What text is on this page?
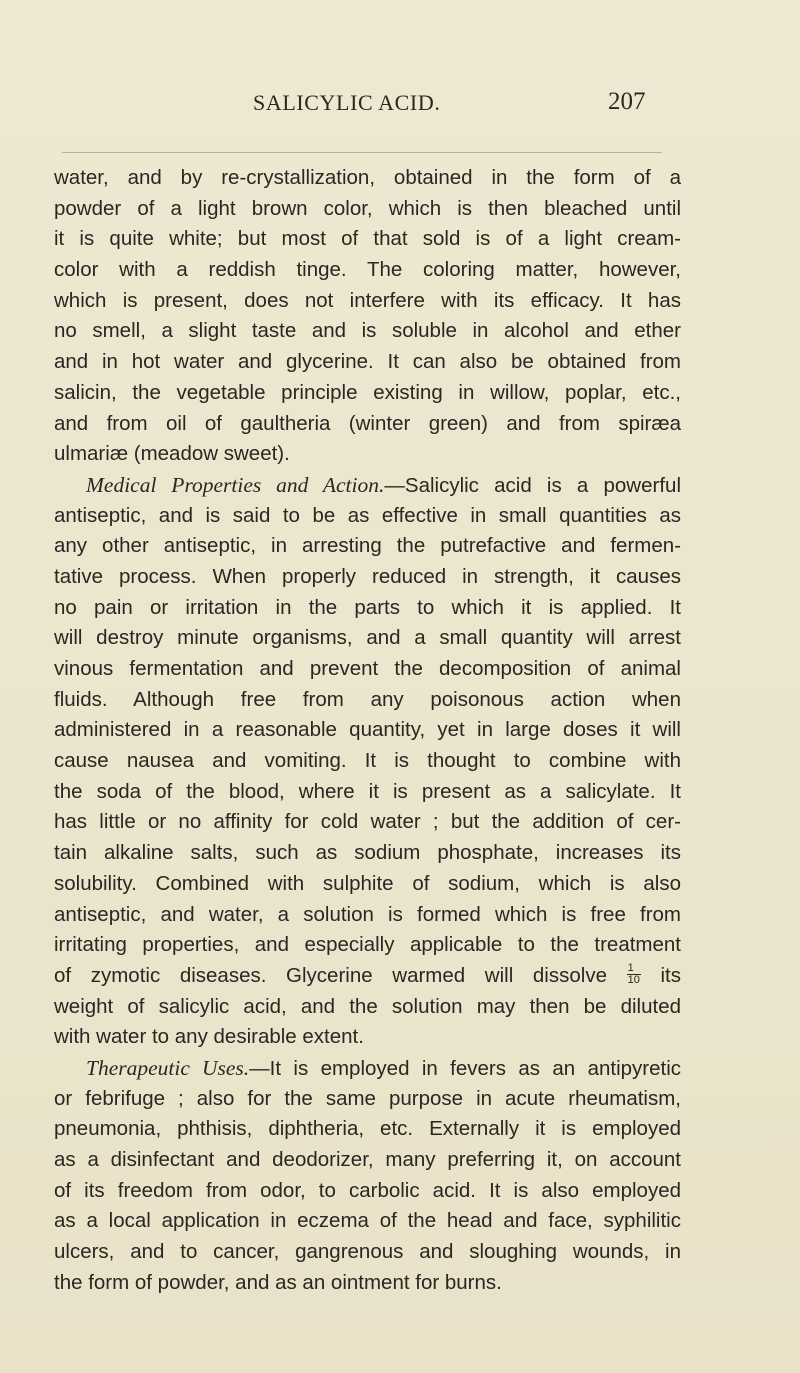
SALICYLIC ACID.	207
water, and by re-crystallization, obtained in the form of a
powder of a light brown color, which is then bleached until
it is quite white; but most of that sold is of a light cream-
color with a reddish tinge. The coloring matter, however,
which is present, does not interfere with its efficacy. It has
no smell, a slight taste and is soluble in alcohol and ether
and in hot water and glycerine. It can also be obtained from
salicin, the vegetable principle existing in willow, poplar, etc.,
and from oil of gaultheria (winter green) and from spiræa
ulmariæ (meadow sweet).
Medical Properties and Action.—Salicylic acid is a powerful
antiseptic, and is said to be as effective in small quantities as
any other antiseptic, in arresting the putrefactive and fermen-
tative process. When properly reduced in strength, it causes
no pain or irritation in the parts to which it is applied. It
will destroy minute organisms, and a small quantity will arrest
vinous fermentation and prevent the decomposition of animal
fluids. Although free from any poisonous action when
administered in a reasonable quantity, yet in large doses it will
cause nausea and vomiting. It is thought to combine with
the soda of the blood, where it is present as a salicylate. It
has little or no affinity for cold water ; but the addition of cer-
tain alkaline salts, such as sodium phosphate, increases its
solubility. Combined with sulphite of sodium, which is also
antiseptic, and water, a solution is formed which is free from
irritating properties, and especially applicable to the treatment
of zymotic diseases. Glycerine warmed will dissolve $\frac{1}{10}$ its
weight of salicylic acid, and the solution may then be diluted
with water to any desirable extent.
Therapeutic Uses.—It is employed in fevers as an antipyretic
or febrifuge ; also for the same purpose in acute rheumatism,
pneumonia, phthisis, diphtheria, etc. Externally it is employed
as a disinfectant and deodorizer, many preferring it, on account
of its freedom from odor, to carbolic acid. It is also employed
as a local application in eczema of the head and face, syphilitic
ulcers, and to cancer, gangrenous and sloughing wounds, in
the form of powder, and as an ointment for burns.
